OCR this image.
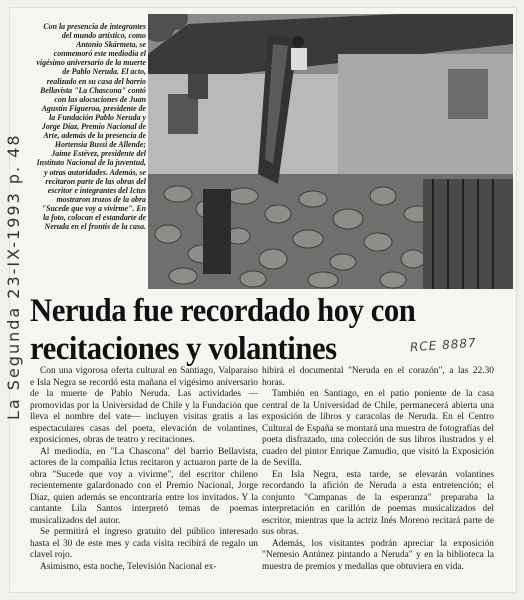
Con la presencia de integrantes del mundo artístico, como Antonio Skármeta, se conmemoró este mediodía el vigésimo aniversario de la muerte de Pablo Neruda. El acto, realizado en su casa del barrio Bellavista "La Chascona" contó con las alocuciones de Juan Agustín Figueroa, presidente de la Fundación Pablo Neruda y Jorge Díaz, Premio Nacional de Arte, además de la presencia de Hortensia Bussi de Allende; Jaime Estévez, presidente del Instituto Nacional de la juventud, y otras autoridades. Además, se recitaron parte de las obras del escritor e integrantes del Ictus mostraron trozos de la obra "Sucede que voy a vivirme". En la foto, colocan el estandarte de Neruda en el frontis de la casa.
La Segunda 23-IX-1993 p. 48	RCE 8887
Neruda fue recordado hoy con recitaciones y volantines

Con una vigorosa oferta cultural en Santiago, Valparaíso e Isla Negra se recordó esta mañana el vigésimo aniversario de la muerte de Pablo Neruda. Las actividades —promovidas por la Universidad de Chile y la Fundación que lleva el nombre del vate— incluyen visitas gratis a las espectaculares casas del poeta, elevación de volantines, exposiciones, obras de teatro y recitaciones.

Al mediodía, en "La Chascona" del barrio Bellavista, actores de la compañía Ictus recitaron y actuaron parte de la obra "Sucede que voy a vivirme", del escritor chileno recientemente galardonado con el Premio Nacional, Jorge Díaz, quien además se encontraría entre los invitados. Y la cantante Lila Santos interpretó temas de poemas musicalizados del autor.

Se permitirá el ingreso gratuito del público interesado hasta el 30 de este mes y cada visita recibirá de regalo un clavel rojo.

Asimismo, esta noche, Televisión Nacional ex-

hibirá el documental "Neruda en el corazón", a las 22.30 horas.

También en Santiago, en el patio poniente de la casa central de la Universidad de Chile, permanecerá abierta una exposición de libros y caracolas de Neruda. En el Centro Cultural de España se montará una muestra de fotografías del poeta disfrazado, una colección de sus libros ilustrados y el cuadro del pintor Enrique Zamudio, que visitó la Exposición de Sevilla.

En Isla Negra, esta tarde, se elevarán volantines recordando la afición de Neruda a esta entretención; el conjunto "Campanas de la esperanza" preparaba la interpretación en carillón de poemas musicalizados del escritor, mientras que la actriz Inés Moreno recitará parte de sus obras.

Además, los visitantes podrán apreciar la exposición "Nemesio Antúnez pintando a Neruda" y en la biblioteca la muestra de premios y medallas que obtuviera en vida.
